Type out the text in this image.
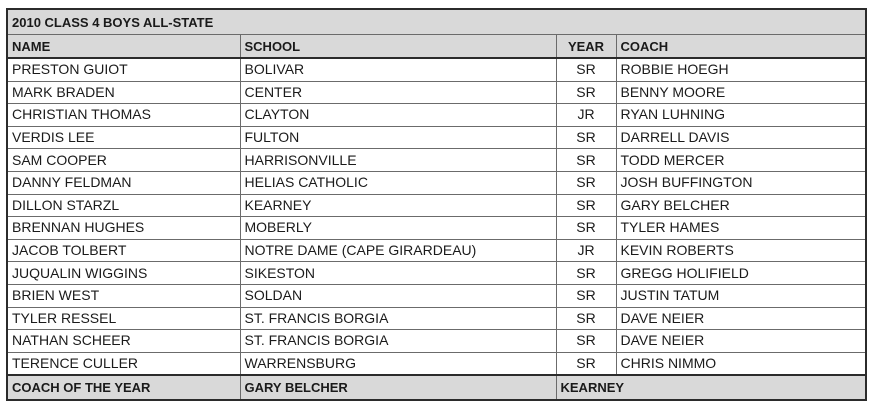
2010 CLASS 4 BOYS ALL-STATE			
NAME	SCHOOL	YEAR	COACH
PRESTON GUIOT	BOLIVAR	SR	ROBBIE HOEGH
MARK BRADEN	CENTER	SR	BENNY MOORE
CHRISTIAN THOMAS	CLAYTON	JR	RYAN LUHNING
VERDIS LEE	FULTON	SR	DARRELL DAVIS
SAM COOPER	HARRISONVILLE	SR	TODD MERCER
DANNY FELDMAN	HELIAS CATHOLIC	SR	JOSH BUFFINGTON
DILLON STARZL	KEARNEY	SR	GARY BELCHER
BRENNAN HUGHES	MOBERLY	SR	TYLER HAMES
JACOB TOLBERT	NOTRE DAME (CAPE GIRARDEAU)	JR	KEVIN ROBERTS
JUQUALIN WIGGINS	SIKESTON	SR	GREGG HOLIFIELD
BRIEN WEST	SOLDAN	SR	JUSTIN TATUM
TYLER RESSEL	ST. FRANCIS BORGIA	SR	DAVE NEIER
NATHAN SCHEER	ST. FRANCIS BORGIA	SR	DAVE NEIER
TERENCE CULLER	WARRENSBURG	SR	CHRIS NIMMO
COACH OF THE YEAR	GARY BELCHER	KEARNEY	
